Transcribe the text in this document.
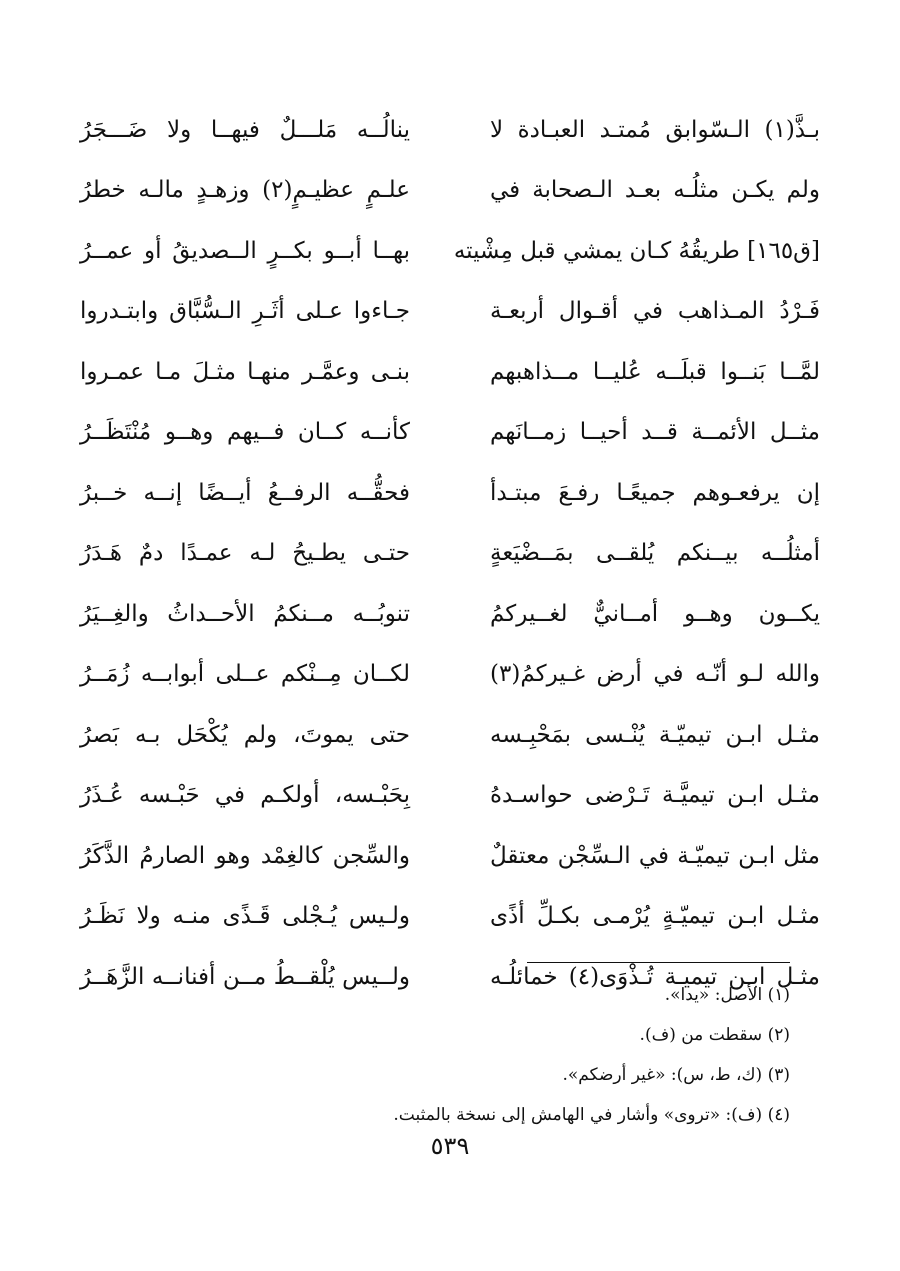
بـذَّ(١) الـسّوابق مُمتـد العبـادة لا
ينالُــه مَلـــلٌ فيهــا ولا ضَـــجَرُ
ولم يكـن مثلُـه بعـد الـصحابة في
علـمٍ عظيـمٍ(٢) وزهـدٍ مالـه خطرُ
[ق١٦٥] طريقُهُ كـان يمشي قبل مِشْيته
بهــا أبــو بكــرٍ الــصديقُ أو عمــرُ
فَـرْدُ المـذاهب في أقـوال أربعـة
جـاءوا عـلى أثَـرِ الـسُّبَّاق وابتـدروا
لمَّــا بَنــوا قبلَــه عُليــا مــذاهبهم
بنـى وعمَّـر منهـا مثـلَ مـا عمـروا
مثــل الأئمــة قــد أحيــا زمــانَهم
كأنــه كــان فــيهم وهــو مُنْتَظَــرُ
إن يرفعـوهم جميعًـا رفـعَ مبتـدأ
فحقُّــه الرفــعُ أيــضًا إنــه خــبرُ
أمثلُــه بيــنكم يُلقــى بمَــضْيَعةٍ
حتـى يطـيحُ لـه عمـدًا دمٌ هَـدَرُ
يكــون وهــو أمــانيٌّ لغــيركمُ
تنوبُــه مــنكمُ الأحــداثُ والغِــيَرُ
والله لـو أنّـه في أرض غـيركمُ(٣)
لكــان مِــنْكم عــلى أبوابــه زُمَــرُ
مثـل ابـن تيميّـة يُنْـسى بمَحْبِـسه
حتى يموتَ، ولم يُكْحَل بـه بَصرُ
مثـل ابـن تيميَّـة تَـرْضى حواسـدهُ
بِحَبْـسه، أولكـم في حَبْـسه عُـذَرُ
مثل ابـن تيميّـة في الـسِّجْن معتقلٌ
والسِّجن كالغِمْد وهو الصارمُ الذَّكَرُ
مثـل ابـن تيميّـةٍ يُرْمـى بكـلِّ أذًى
ولـيس يُـجْلى قَـذًى منـه ولا نَظَـرُ
مثـل ابـن تيميـة تُـذْوَى(٤) خمائلُـه
ولــيس يُلْقــطُ مــن أفنانــه الزَّهَــرُ
(١) الأصل: «يدا».
(٢) سقطت من (ف).
(٣) (ك، ط، س): «غير أرضكم».
(٤) (ف): «تروى» وأشار في الهامش إلى نسخة بالمثبت.
٥٣٩
